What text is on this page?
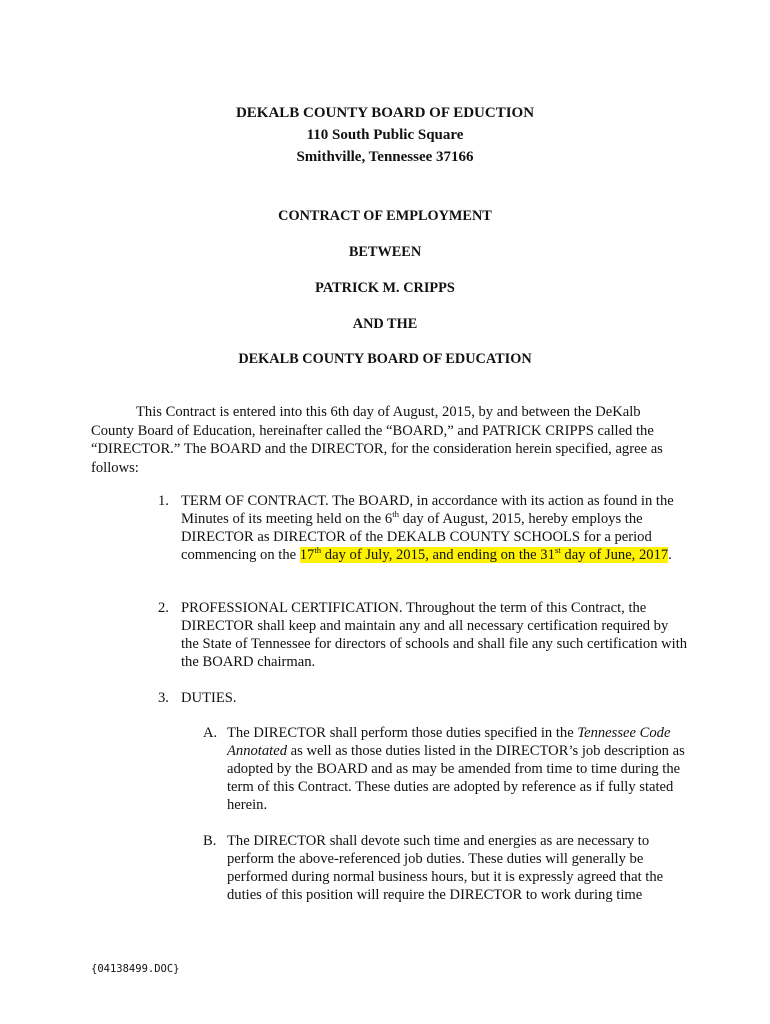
DEKALB COUNTY BOARD OF EDUCTION
110 South Public Square
Smithville, Tennessee 37166
CONTRACT OF EMPLOYMENT
BETWEEN
PATRICK M. CRIPPS
AND THE
DEKALB COUNTY BOARD OF EDUCATION

This Contract is entered into this 6th day of August, 2015, by and between the DeKalb County Board of Education, hereinafter called the “BOARD,” and PATRICK CRIPPS called the “DIRECTOR.” The BOARD and the DIRECTOR, for the consideration herein specified, agree as follows:

1. TERM OF CONTRACT. The BOARD, in accordance with its action as found in the Minutes of its meeting held on the 6th day of August, 2015, hereby employs the DIRECTOR as DIRECTOR of the DEKALB COUNTY SCHOOLS for a period commencing on the 17th day of July, 2015, and ending on the 31st day of June, 2017.
2. PROFESSIONAL CERTIFICATION. Throughout the term of this Contract, the DIRECTOR shall keep and maintain any and all necessary certification required by the State of Tennessee for directors of schools and shall file any such certification with the BOARD chairman.
3. DUTIES.
A. The DIRECTOR shall perform those duties specified in the Tennessee Code Annotated as well as those duties listed in the DIRECTOR’s job description as adopted by the BOARD and as may be amended from time to time during the term of this Contract. These duties are adopted by reference as if fully stated herein.
B. The DIRECTOR shall devote such time and energies as are necessary to perform the above-referenced job duties. These duties will generally be performed during normal business hours, but it is expressly agreed that the duties of this position will require the DIRECTOR to work during time
{04138499.DOC}
